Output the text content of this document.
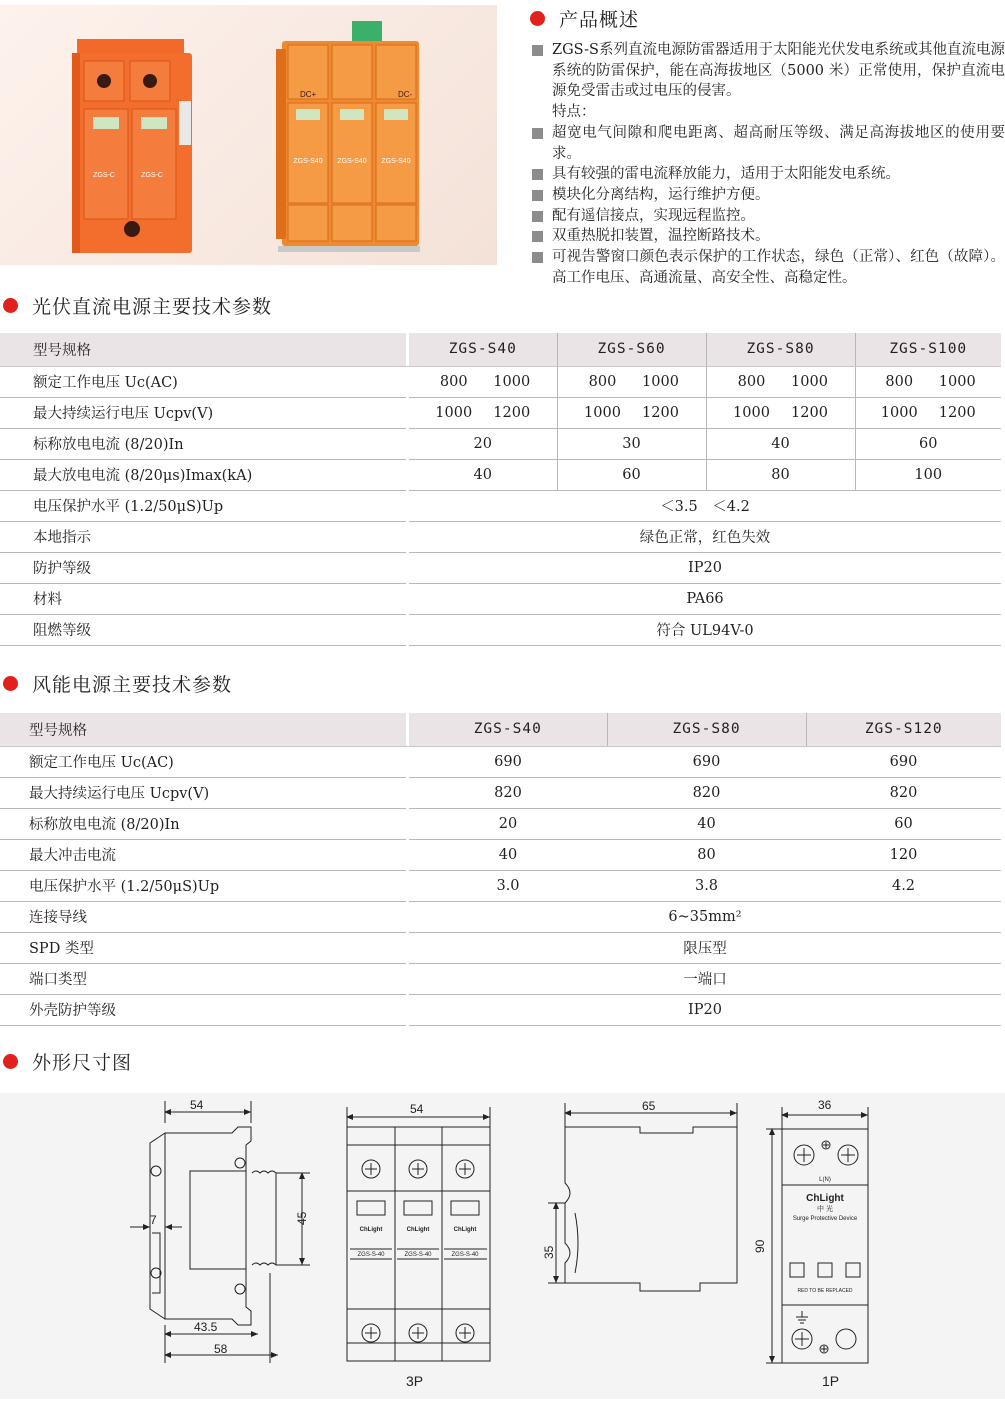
ZGS-C	ZGS-C
DC+	DC-
ZGS-S40 ZGS-S40 ZGS-S40
产品概述
ZGS-S系列直流电源防雷器适用于太阳能光伏发电系统或其他直流电源系统的防雷保护，能在高海拔地区（5000 米）正常使用，保护直流电源免受雷击或过电压的侵害。
特点：
超宽电气间隙和爬电距离、超高耐压等级、满足高海拔地区的使用要求。
具有较强的雷电流释放能力，适用于太阳能发电系统。
模块化分离结构，运行维护方便。
配有遥信接点，实现远程监控。
双重热脱扣装置，温控断路技术。
可视告警窗口颜色表示保护的工作状态，绿色（正常）、红色（故障）。高工作电压、高通流量、高安全性、高稳定性。
光伏直流电源主要技术参数
型号规格		ZGS-S40	ZGS-S60	ZGS-S80	ZGS-S100
额定工作电压 Uc(AC)		800 1000	800 1000	800 1000	800 1000
最大持续运行电压 Ucpv(V)		1000 1200	1000 1200	1000 1200	1000 1200
标称放电电流 (8/20)In		20	30	40	60
最大放电电流 (8/20μs)Imax(kA)		40	60	80	100
电压保护水平 (1.2/50μS)Up		＜3.5　＜4.2			
本地指示		绿色正常，红色失效			
防护等级		IP20			
材料		PA66			
阻燃等级		符合 UL94V-0			
风能电源主要技术参数
型号规格		ZGS-S40	ZGS-S80	ZGS-S120
额定工作电压 Uc(AC)		690	690	690
最大持续运行电压 Ucpv(V)		820	820	820
标称放电电流 (8/20)In		20	40	60
最大冲击电流		40	80	120
电压保护水平 (1.2/50μS)Up		3.0	3.8	4.2
连接导线		6~35mm²		
SPD 类型		限压型		
端口类型		一端口		
外壳防护等级		IP20		
外形尺寸图
54
7	45
43.5
58
54
3P
65
35
36
90
1P
ChLight	ChLight	ChLight
ZGS-S-40	ZGS-S-40	ZGS-S-40
L(N)
ChLight
中 光
Surge Protective Device
RED TO BE REPLACED
